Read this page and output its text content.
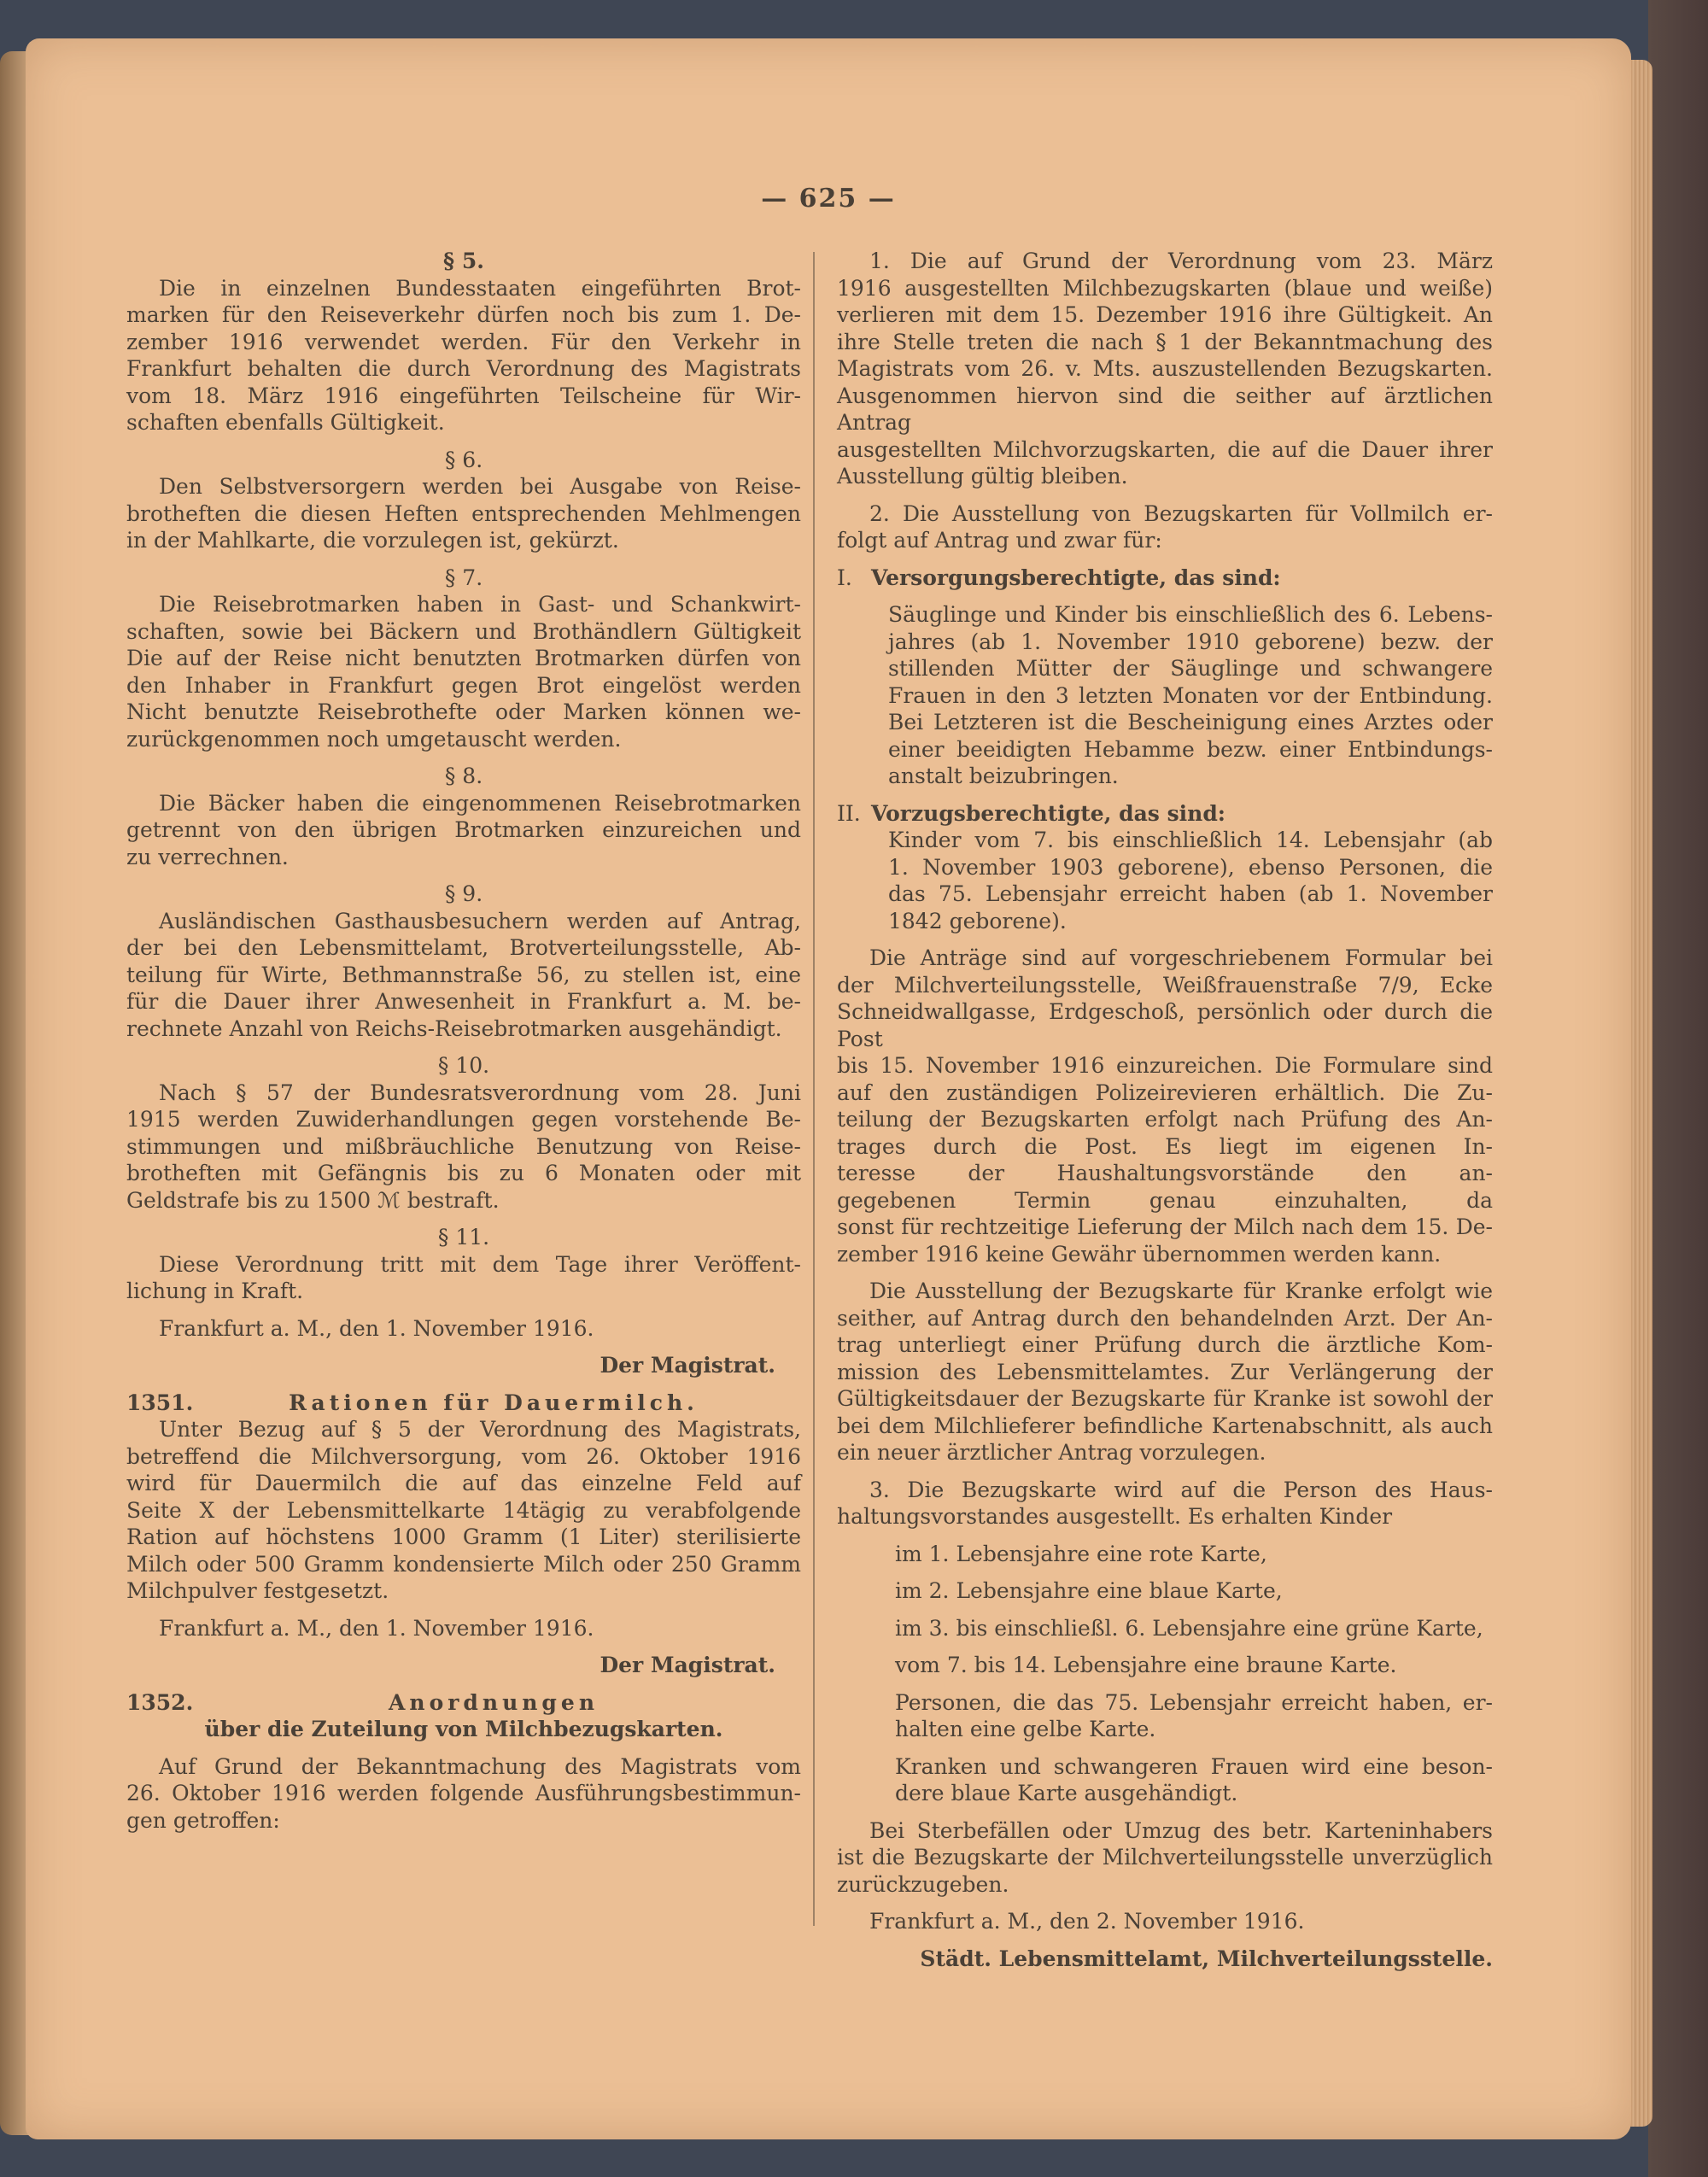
— 625 —

§ 5.

Die in einzelnen Bundesstaaten eingeführten Brot-

marken für den Reiseverkehr dürfen noch bis zum 1. De-

zember 1916 verwendet werden. Für den Verkehr in

Frankfurt behalten die durch Verordnung des Magistrats

vom 18. März 1916 eingeführten Teilscheine für Wir-

schaften ebenfalls Gültigkeit.

§ 6.

Den Selbstversorgern werden bei Ausgabe von Reise-

brotheften die diesen Heften entsprechenden Mehlmengen

in der Mahlkarte, die vorzulegen ist, gekürzt.

§ 7.

Die Reisebrotmarken haben in Gast- und Schankwirt-

schaften, sowie bei Bäckern und Brothändlern Gültigkeit

Die auf der Reise nicht benutzten Brotmarken dürfen von

den Inhaber in Frankfurt gegen Brot eingelöst werden

Nicht benutzte Reisebrothefte oder Marken können we-

zurückgenommen noch umgetauscht werden.

§ 8.

Die Bäcker haben die eingenommenen Reisebrotmarken

getrennt von den übrigen Brotmarken einzureichen und

zu verrechnen.

§ 9.

Ausländischen Gasthausbesuchern werden auf Antrag,

der bei den Lebensmittelamt, Brotverteilungsstelle, Ab-

teilung für Wirte, Bethmannstraße 56, zu stellen ist, eine

für die Dauer ihrer Anwesenheit in Frankfurt a. M. be-

rechnete Anzahl von Reichs-Reisebrotmarken ausgehändigt.

§ 10.

Nach § 57 der Bundesratsverordnung vom 28. Juni

1915 werden Zuwiderhandlungen gegen vorstehende Be-

stimmungen und mißbräuchliche Benutzung von Reise-

brotheften mit Gefängnis bis zu 6 Monaten oder mit

Geldstrafe bis zu 1500 ℳ bestraft.

§ 11.

Diese Verordnung tritt mit dem Tage ihrer Veröffent-

lichung in Kraft.

Frankfurt a. M., den 1. November 1916.

Der Magistrat.

1351.	Rationen für Dauermilch.

Unter Bezug auf § 5 der Verordnung des Magistrats,

betreffend die Milchversorgung, vom 26. Oktober 1916

wird für Dauermilch die auf das einzelne Feld auf

Seite X der Lebensmittelkarte 14tägig zu verabfolgende

Ration auf höchstens 1000 Gramm (1 Liter) sterilisierte

Milch oder 500 Gramm kondensierte Milch oder 250 Gramm

Milchpulver festgesetzt.

Frankfurt a. M., den 1. November 1916.

Der Magistrat.

1352.	Anordnungen

über die Zuteilung von Milchbezugskarten.

Auf Grund der Bekanntmachung des Magistrats vom

26. Oktober 1916 werden folgende Ausführungsbestimmun-

gen getroffen:

1. Die auf Grund der Verordnung vom 23. März

1916 ausgestellten Milchbezugskarten (blaue und weiße)

verlieren mit dem 15. Dezember 1916 ihre Gültigkeit. An

ihre Stelle treten die nach § 1 der Bekanntmachung des

Magistrats vom 26. v. Mts. auszustellenden Bezugskarten.

Ausgenommen hiervon sind die seither auf ärztlichen Antrag

ausgestellten Milchvorzugskarten, die auf die Dauer ihrer

Ausstellung gültig bleiben.

2. Die Ausstellung von Bezugskarten für Vollmilch er-

folgt auf Antrag und zwar für:

I. Versorgungsberechtigte, das sind:

Säuglinge und Kinder bis einschließlich des 6. Lebens-

jahres (ab 1. November 1910 geborene) bezw. der

stillenden Mütter der Säuglinge und schwangere

Frauen in den 3 letzten Monaten vor der Entbindung.

Bei Letzteren ist die Bescheinigung eines Arztes oder

einer beeidigten Hebamme bezw. einer Entbindungs-

anstalt beizubringen.

II. Vorzugsberechtigte, das sind:

Kinder vom 7. bis einschließlich 14. Lebensjahr (ab

1. November 1903 geborene), ebenso Personen, die

das 75. Lebensjahr erreicht haben (ab 1. November

1842 geborene).

Die Anträge sind auf vorgeschriebenem Formular bei

der Milchverteilungsstelle, Weißfrauenstraße 7/9, Ecke

Schneidwallgasse, Erdgeschoß, persönlich oder durch die Post

bis 15. November 1916 einzureichen. Die Formulare sind

auf den zuständigen Polizeirevieren erhältlich. Die Zu-

teilung der Bezugskarten erfolgt nach Prüfung des An-

trages durch die Post. Es liegt im eigenen In-

teresse der Haushaltungsvorstände den an-

gegebenen Termin genau einzuhalten, da

sonst für rechtzeitige Lieferung der Milch nach dem 15. De-

zember 1916 keine Gewähr übernommen werden kann.

Die Ausstellung der Bezugskarte für Kranke erfolgt wie

seither, auf Antrag durch den behandelnden Arzt. Der An-

trag unterliegt einer Prüfung durch die ärztliche Kom-

mission des Lebensmittelamtes. Zur Verlängerung der

Gültigkeitsdauer der Bezugskarte für Kranke ist sowohl der

bei dem Milchlieferer befindliche Kartenabschnitt, als auch

ein neuer ärztlicher Antrag vorzulegen.

3. Die Bezugskarte wird auf die Person des Haus-

haltungsvorstandes ausgestellt. Es erhalten Kinder

im 1. Lebensjahre eine rote Karte,

im 2. Lebensjahre eine blaue Karte,

im 3. bis einschließl. 6. Lebensjahre eine grüne Karte,

vom 7. bis 14. Lebensjahre eine braune Karte.

Personen, die das 75. Lebensjahr erreicht haben, er-

halten eine gelbe Karte.

Kranken und schwangeren Frauen wird eine beson-

dere blaue Karte ausgehändigt.

Bei Sterbefällen oder Umzug des betr. Karteninhabers

ist die Bezugskarte der Milchverteilungsstelle unverzüglich

zurückzugeben.

Frankfurt a. M., den 2. November 1916.

Städt. Lebensmittelamt, Milchverteilungsstelle.
